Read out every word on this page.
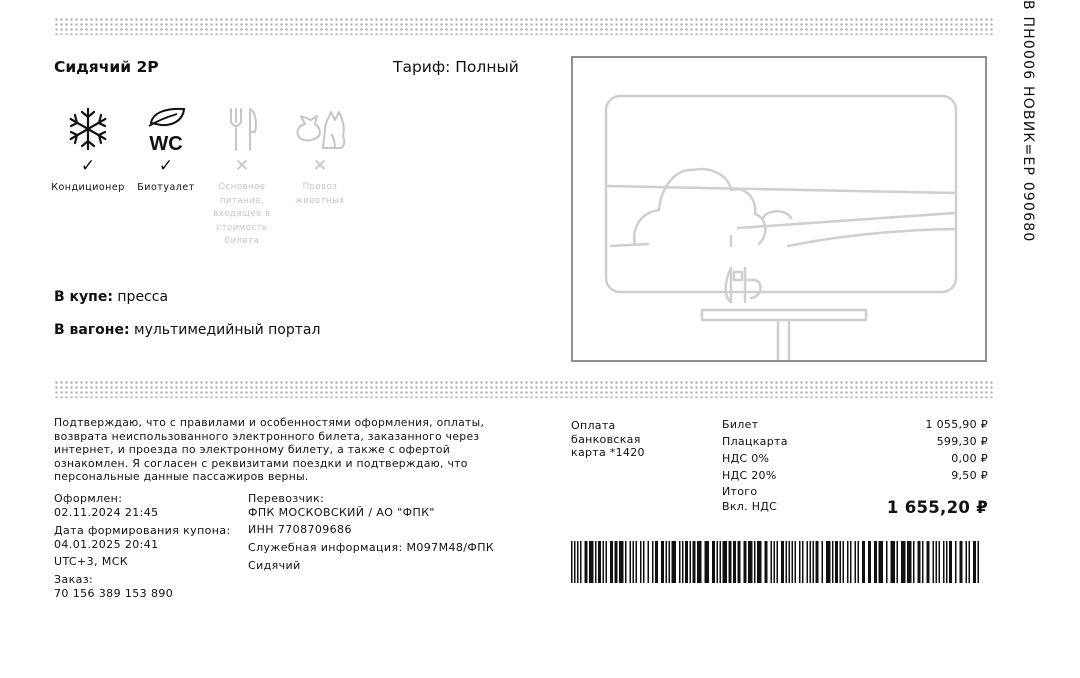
Сидячий 2Р	Тариф: Полный
✓
Кондиционер
WC
✓
Биотуалет
✕
Основное питание, входящее в стоимость билета
✕
Провоз животных
В купе: пресса
В вагоне: мультимедийный портал
В ПН0006 НОВИК=ЕР 090680
Подтверждаю, что с правилами и особенностями оформления, оплаты, возврата неиспользованного электронного билета, заказанного через интернет, и проезда по электронному билету, а также с офертой ознакомлен. Я согласен с реквизитами поездки и подтверждаю, что персональные данные пассажиров верны.
Оформлен:
02.11.2024 21:45
Дата формирования купона:
04.01.2025 20:41
UTC+3, МСК
Заказ:
70 156 389 153 890
Перевозчик:
ФПК МОСКОВСКИЙ / АО "ФПК"
ИНН 7708709686
Служебная информация: М097М48/ФПК
Сидячий
Оплата
банковская
карта *1420
Билет
Плацкарта
НДС 0%
НДС 20%
Итого
Вкл. НДС
1 055,90 ₽
599,30 ₽
0,00 ₽
9,50 ₽
1 655,20 ₽
